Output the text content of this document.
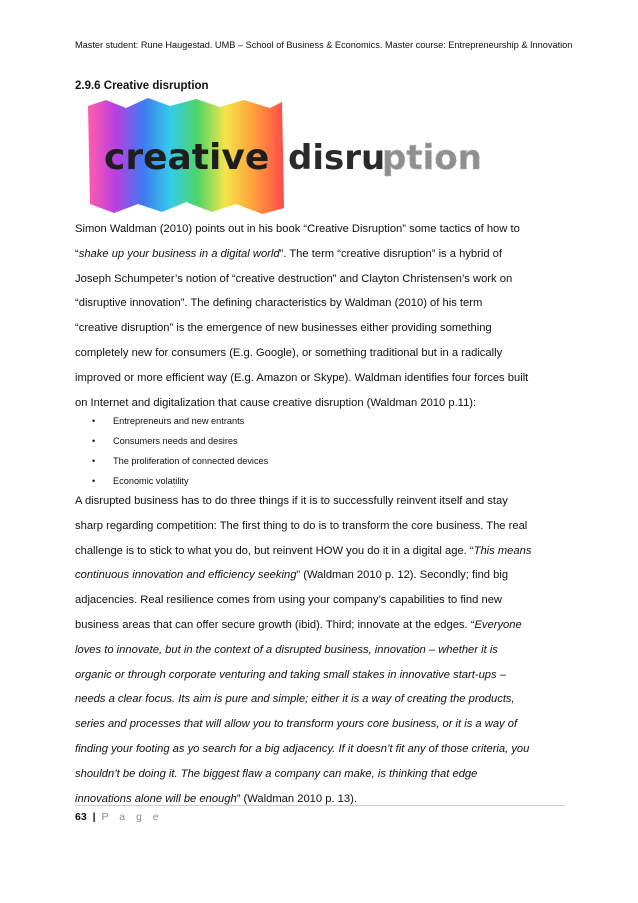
Master student: Rune Haugestad. UMB – School of Business & Economics. Master course: Entrepreneurship & Innovation
2.9.6 Creative disruption
creative disru
ption
Simon Waldman (2010) points out in his book “Creative Disruption” some tactics of how to
“shake up your business in a digital world”. The term “creative disruption” is a hybrid of
Joseph Schumpeter’s notion of “creative destruction” and Clayton Christensen’s work on
“disruptive innovation”. The defining characteristics by Waldman (2010) of his term
“creative disruption” is the emergence of new businesses either providing something
completely new for consumers (E.g. Google), or something traditional but in a radically
improved or more efficient way (E.g. Amazon or Skype). Waldman identifies four forces built
on Internet and digitalization that cause creative disruption (Waldman 2010 p.11):
• Entrepreneurs and new entrants
• Consumers needs and desires
• The proliferation of connected devices
• Economic volatility
A disrupted business has to do three things if it is to successfully reinvent itself and stay
sharp regarding competition: The first thing to do is to transform the core business. The real
challenge is to stick to what you do, but reinvent HOW you do it in a digital age. “This means
continuous innovation and efficiency seeking” (Waldman 2010 p. 12). Secondly; find big
adjacencies. Real resilience comes from using your company’s capabilities to find new
business areas that can offer secure growth (ibid). Third; innovate at the edges. “Everyone
loves to innovate, but in the context of a disrupted business, innovation – whether it is
organic or through corporate venturing and taking small stakes in innovative start-ups –
needs a clear focus. Its aim is pure and simple; either it is a way of creating the products,
series and processes that will allow you to transform yours core business, or it is a way of
finding your footing as yo search for a big adjacency. If it doesn’t fit any of those criteria, you
shouldn’t be doing it. The biggest flaw a company can make, is thinking that edge
innovations alone will be enough” (Waldman 2010 p. 13).
63 | P a g e
